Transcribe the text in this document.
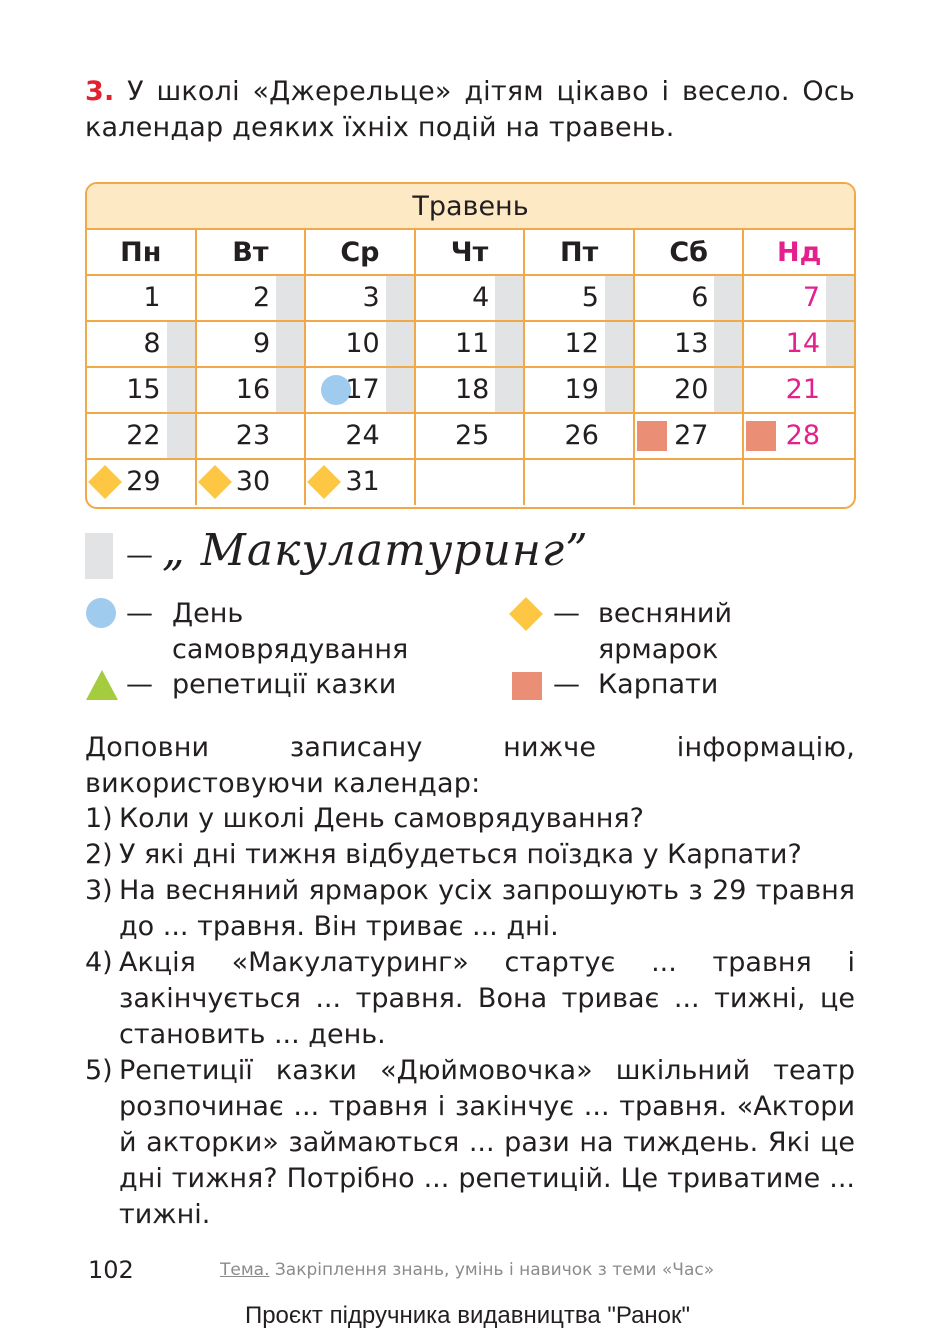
3. У школі «Джерельце» дітям цікаво і весело. Ось календар деяких їхніх подій на травень.
Травень
Пн	Вт	Ср	Чт	Пт	Сб	Нд
1	2	3	4	5	6	7
8	9	10	11	12	13	14
15	16	17	18	19	20	21
22	23	24	25	26	27	28
29	30	31
— „ Макулатуринг”
— День
самоврядування
— репетиції казки
— весняний
ярмарок
— Карпати
Доповни записану нижче інформацію, використовуючи календар:
1) Коли у школі День самоврядування?
2) У які дні тижня відбудеться поїздка у Карпати?
3) На весняний ярмарок усіх запрошують з 29 травня до ... травня. Він триває ... дні.
4) Акція «Макулатуринг» стартує ... травня і закінчується ... травня. Вона триває ... тижні, це становить ... день.
5) Репетиції казки «Дюймовочка» шкільний театр розпочинає ... травня і закінчує ... травня. «Актори й акторки» займаються ... рази на тиждень. Які це дні тижня? Потрібно ... репетицій. Це триватиме ... тижні.
102	Тема. Закріплення знань, умінь і навичок з теми «Час»
Проєкт підручника видавництва "Ранок"
